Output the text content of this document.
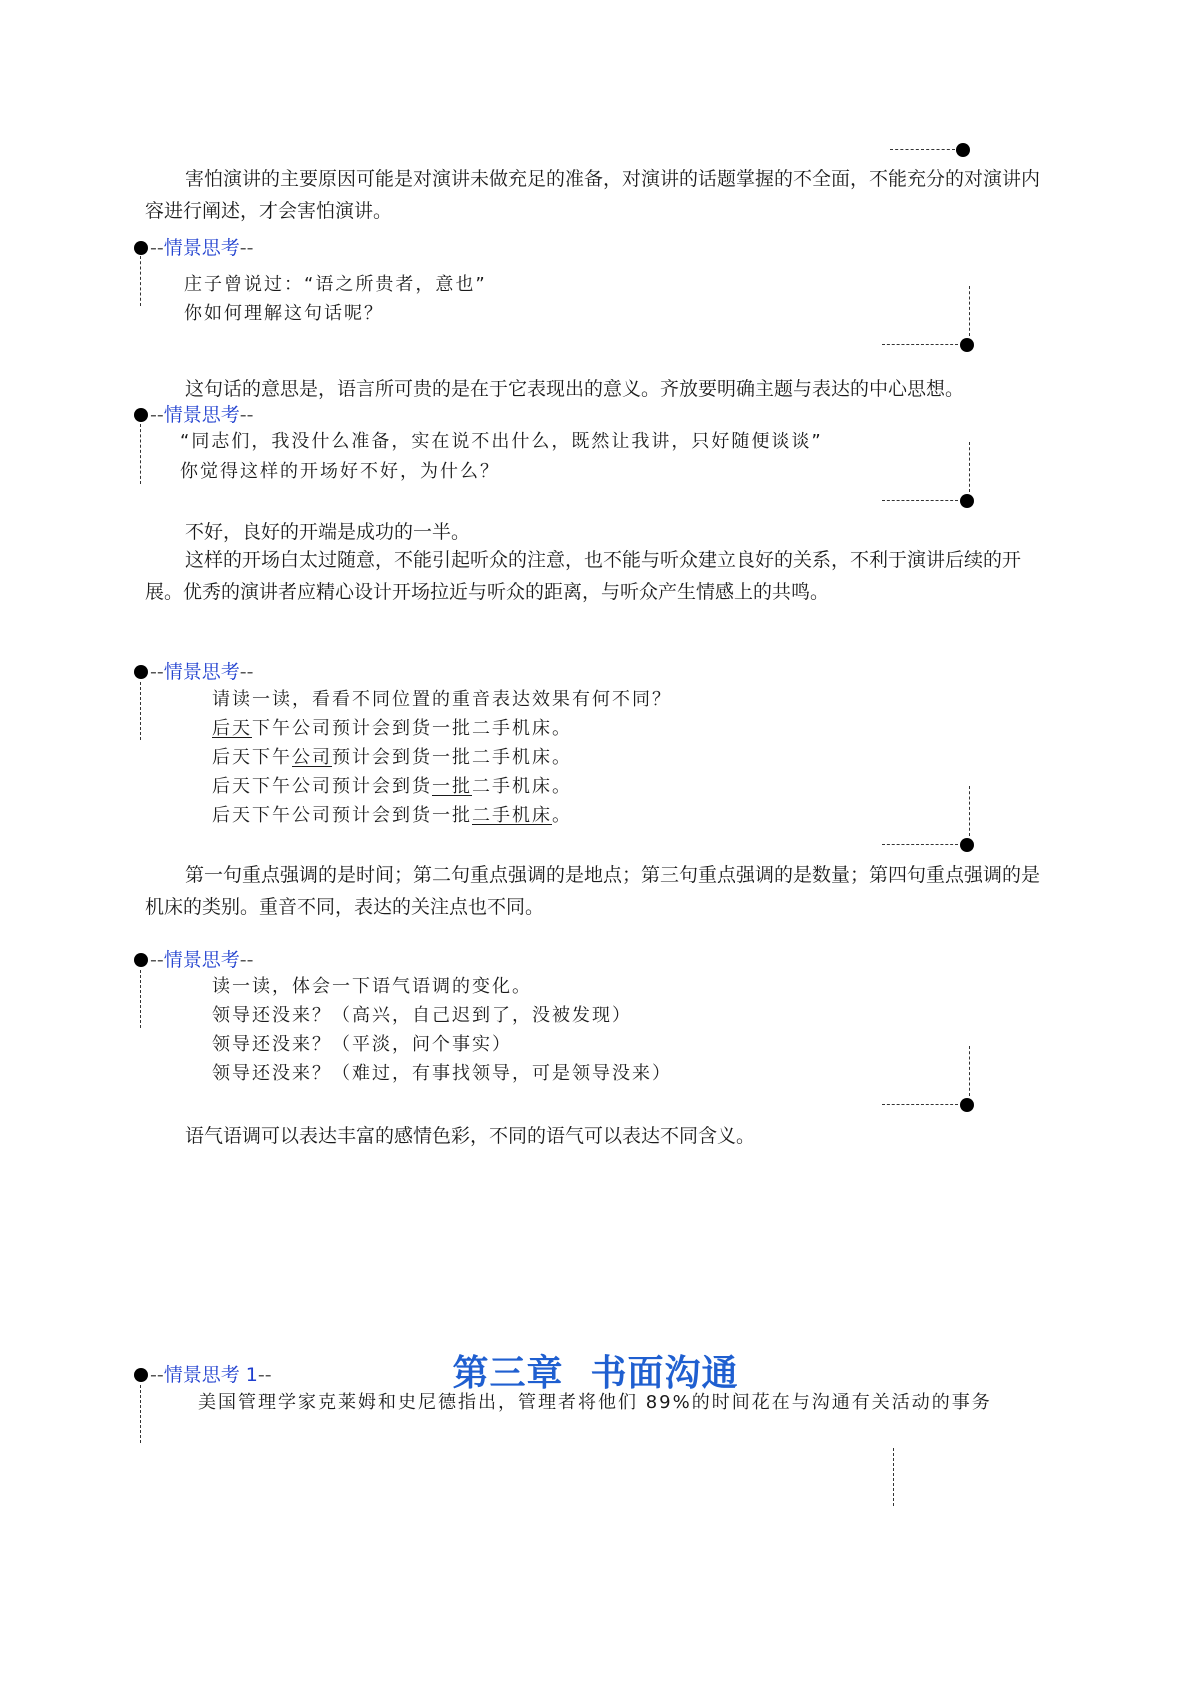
害怕演讲的主要原因可能是对演讲未做充足的准备，对演讲的话题掌握的不全面，不能充分的对演讲内容进行阐述，才会害怕演讲。

--情景思考--
庄子曾说过：“语之所贵者，意也”
你如何理解这句话呢？

这句话的意思是，语言所可贵的是在于它表现出的意义。齐放要明确主题与表达的中心思想。

--情景思考--
“同志们，我没什么准备，实在说不出什么，既然让我讲，只好随便谈谈”
你觉得这样的开场好不好，为什么？

不好，良好的开端是成功的一半。

这样的开场白太过随意，不能引起听众的注意，也不能与听众建立良好的关系，不利于演讲后续的开展。优秀的演讲者应精心设计开场拉近与听众的距离，与听众产生情感上的共鸣。

--情景思考--
请读一读，看看不同位置的重音表达效果有何不同？
后天下午公司预计会到货一批二手机床。
后天下午公司预计会到货一批二手机床。
后天下午公司预计会到货一批二手机床。
后天下午公司预计会到货一批二手机床。

第一句重点强调的是时间；第二句重点强调的是地点；第三句重点强调的是数量；第四句重点强调的是机床的类别。重音不同，表达的关注点也不同。

--情景思考--
读一读，体会一下语气语调的变化。
领导还没来？（高兴，自己迟到了，没被发现）
领导还没来？（平淡，问个事实）
领导还没来？（难过，有事找领导，可是领导没来）

语气语调可以表达丰富的感情色彩，不同的语气可以表达不同含义。

第三章  书面沟通
--情景思考 1--
美国管理学家克莱姆和史尼德指出，管理者将他们 89%的时间花在与沟通有关活动的事务
